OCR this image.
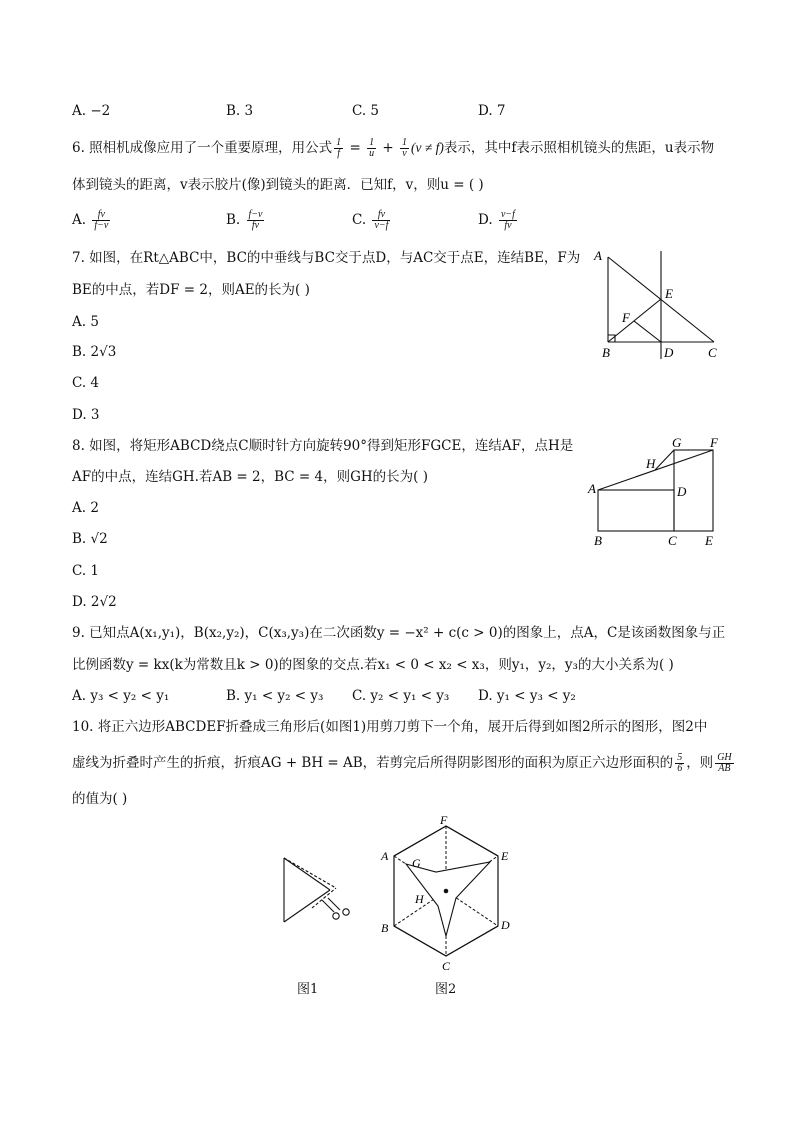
A. −2	B. 3	C. 5	D. 7
6. 照相机成像应用了一个重要原理，用公式 $\frac{1}{f} = \frac{1}{u} + \frac{1}{v} (v \ne f)$表示，其中f表示照相机镜头的焦距，u表示物
体到镜头的距离，v表示胶片(像)到镜头的距离．已知f，v，则u = ( )
A. $\frac{fv}{f-v}$	B. $\frac{f-v}{fv}$	C. $\frac{fv}{v-f}$	D. $\frac{v-f}{fv}$
7. 如图，在Rt△ABC中，BC的中垂线与BC交于点D，与AC交于点E，连结BE，F为
BE的中点，若DF = 2，则AE的长为( )
A. 5
B. 2√3
C. 4
D. 3
A
B	D	C
E
F
8. 如图，将矩形ABCD绕点C顺时针方向旋转90°得到矩形FGCE，连结AF，点H是
AF的中点，连结GH.若AB = 2，BC = 4，则GH的长为( )
A. 2
B. √2
C. 1
D. 2√2
A
B	C
D
E
F
G
H
9. 已知点A(x₁,y₁)，B(x₂,y₂)，C(x₃,y₃)在二次函数y = −x² + c(c > 0)的图象上，点A，C是该函数图象与正
比例函数y = kx(k为常数且k > 0)的图象的交点.若x₁ < 0 < x₂ < x₃，则y₁，y₂，y₃的大小关系为( )
A. y₃ < y₂ < y₁	B. y₁ < y₂ < y₃ C. y₂ < y₁ < y₃ D. y₁ < y₃ < y₂
10. 将正六边形ABCDEF折叠成三角形后(如图1)用剪刀剪下一个角，展开后得到如图2所示的图形，图2中
虚线为折叠时产生的折痕，折痕AG + BH = AB，若剪完后所得阴影图形的面积为原正六边形面积的 $\frac{5}{6}$ ，则 $\frac{GH}{AB}$
的值为( )
图1
F
A	E
G
H
B	D
C
图2
